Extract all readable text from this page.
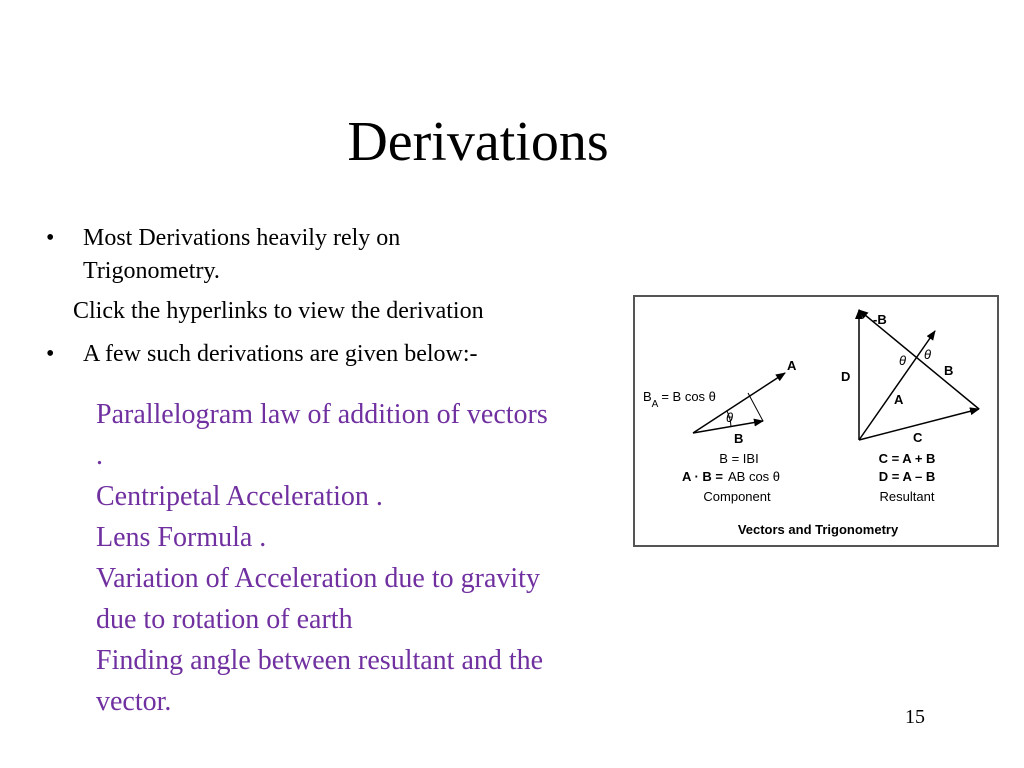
Derivations
• Most Derivations heavily rely on
Trigonometry.
Click the hyperlinks to view the derivation
• A few such derivations are given below:-
Parallelogram law of addition of vectors .
Centripetal Acceleration .
Lens Formula .
Variation of Acceleration due to gravity due to rotation of earth
Finding angle between resultant and the vector.
A
B
θ
$B_A = B$ cos θ
B = IBI
A · B = AB cos θ
Component
-B
D	B
A
C
θ θ
C = A + B
D = A – B
Resultant
Vectors and Trigonometry
15
